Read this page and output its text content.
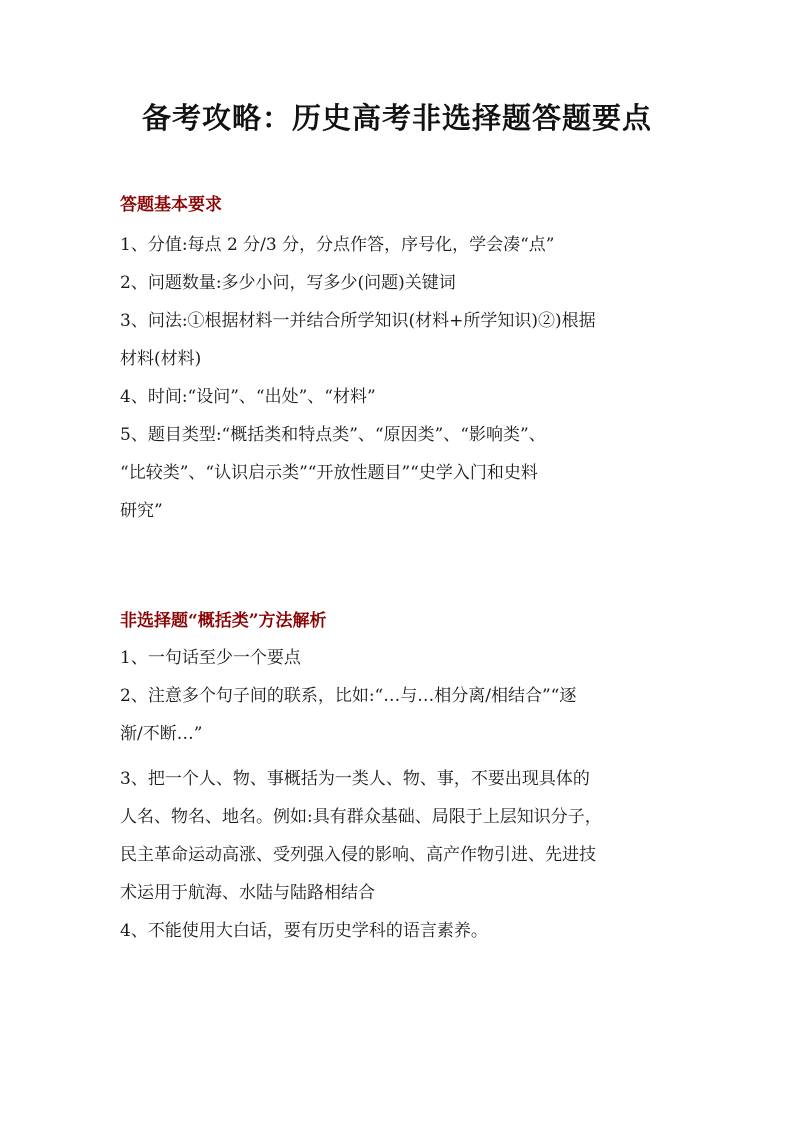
备考攻略：历史高考非选择题答题要点
答题基本要求
1、分值:每点 2 分/3 分，分点作答，序号化，学会凑“点”
2、问题数量:多少小问，写多少(问题)关键词
3、问法:①根据材料一并结合所学知识(材料+所学知识)②)根据
材料(材料)
4、时间:“设问”、“出处”、“材料”
5、题目类型:“概括类和特点类”、“原因类”、“影响类”、
“比较类”、“认识启示类”“开放性题目”“史学入门和史料
研究”
非选择题“概括类”方法解析
1、一句话至少一个要点
2、注意多个句子间的联系，比如:“…与…相分离/相结合”“逐
渐/不断…”
3、把一个人、物、事概括为一类人、物、事，不要出现具体的
人名、物名、地名。例如:具有群众基础、局限于上层知识分子，
民主革命运动高涨、受列强入侵的影响、高产作物引进、先进技
术运用于航海、水陆与陆路相结合
4、不能使用大白话，要有历史学科的语言素养。
